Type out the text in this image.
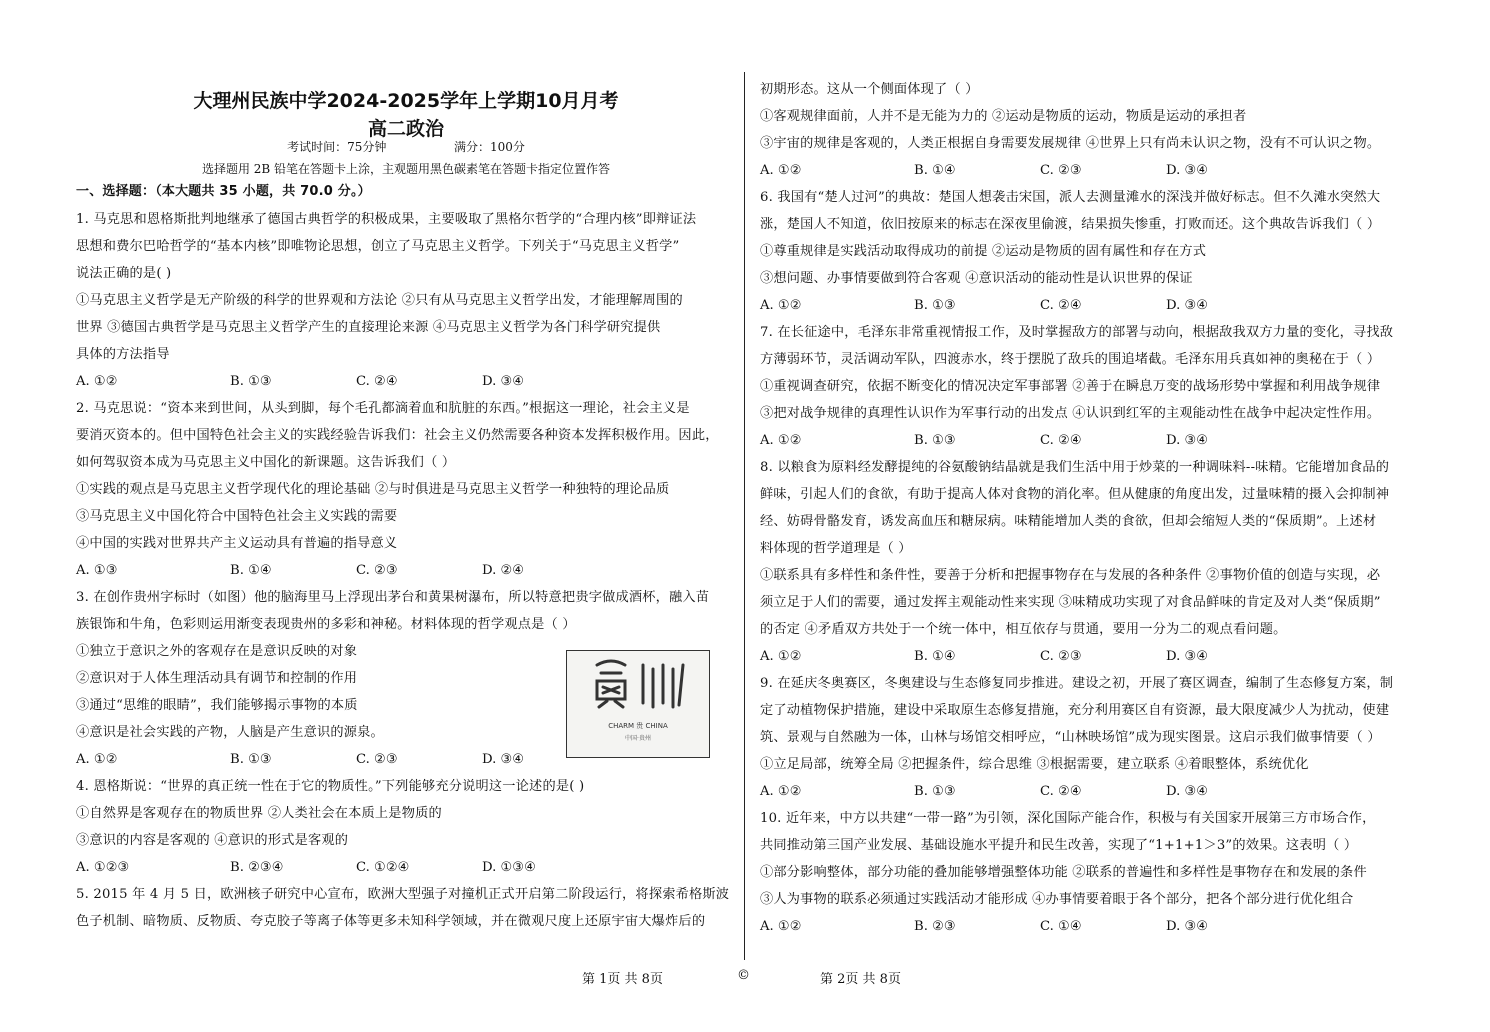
大理州民族中学2024-2025学年上学期10月月考
高二政治
考试时间：75分钟	满分：100分
选择题用 2B 铅笔在答题卡上涂，主观题用黑色碳素笔在答题卡指定位置作答
一、选择题：（本大题共 35 小题，共 70.0 分。）
1. 马克思和恩格斯批判地继承了德国古典哲学的积极成果，主要吸取了黑格尔哲学的“合理内核”即辩证法
思想和费尔巴哈哲学的“基本内核”即唯物论思想，创立了马克思主义哲学。下列关于“马克思主义哲学”
说法正确的是( )
①马克思主义哲学是无产阶级的科学的世界观和方法论 ②只有从马克思主义哲学出发，才能理解周围的
世界 ③德国古典哲学是马克思主义哲学产生的直接理论来源 ④马克思主义哲学为各门科学研究提供
具体的方法指导
A. ①②	B. ①③	C. ②④	D. ③④
2. 马克思说：“资本来到世间，从头到脚，每个毛孔都滴着血和肮脏的东西。”根据这一理论，社会主义是
要消灭资本的。但中国特色社会主义的实践经验告诉我们：社会主义仍然需要各种资本发挥积极作用。因此，
如何驾驭资本成为马克思主义中国化的新课题。这告诉我们（ ）
①实践的观点是马克思主义哲学现代化的理论基础 ②与时俱进是马克思主义哲学一种独特的理论品质
③马克思主义中国化符合中国特色社会主义实践的需要
④中国的实践对世界共产主义运动具有普遍的指导意义
A. ①③	B. ①④	C. ②③	D. ②④
3. 在创作贵州字标时（如图）他的脑海里马上浮现出茅台和黄果树瀑布，所以特意把贵字做成酒杯，融入苗
族银饰和牛角，色彩则运用渐变表现贵州的多彩和神秘。材料体现的哲学观点是（ ）
①独立于意识之外的客观存在是意识反映的对象
②意识对于人体生理活动具有调节和控制的作用
③通过“思维的眼睛”，我们能够揭示事物的本质
④意识是社会实践的产物，人脑是产生意识的源泉。
A. ①②	B. ①③	C. ②③	D. ③④
4. 恩格斯说：“世界的真正统一性在于它的物质性。”下列能够充分说明这一论述的是( )
①自然界是客观存在的物质世界 ②人类社会在本质上是物质的
③意识的内容是客观的 ④意识的形式是客观的
A. ①②③	B. ②③④	C. ①②④	D. ①③④
5. 2015 年 4 月 5 日，欧洲核子研究中心宣布，欧洲大型强子对撞机正式开启第二阶段运行，将探索希格斯波
色子机制、暗物质、反物质、夸克胶子等离子体等更多未知科学领域，并在微观尺度上还原宇宙大爆炸后的
CHARM 贵 CHINA
中国·贵州
初期形态。这从一个侧面体现了（ ）
①客观规律面前，人并不是无能为力的 ②运动是物质的运动，物质是运动的承担者
③宇宙的规律是客观的，人类正根据自身需要发展规律 ④世界上只有尚未认识之物，没有不可认识之物。
A. ①②	B. ①④	C. ②③	D. ③④
6. 我国有“楚人过河”的典故：楚国人想袭击宋国，派人去测量滩水的深浅并做好标志。但不久滩水突然大
涨，楚国人不知道，依旧按原来的标志在深夜里偷渡，结果损失惨重，打败而还。这个典故告诉我们（ ）
①尊重规律是实践活动取得成功的前提 ②运动是物质的固有属性和存在方式
③想问题、办事情要做到符合客观 ④意识活动的能动性是认识世界的保证
A. ①②	B. ①③	C. ②④	D. ③④
7. 在长征途中，毛泽东非常重视情报工作，及时掌握敌方的部署与动向，根据敌我双方力量的变化，寻找敌
方薄弱环节，灵活调动军队，四渡赤水，终于摆脱了敌兵的围追堵截。毛泽东用兵真如神的奥秘在于（ ）
①重视调查研究，依据不断变化的情况决定军事部署 ②善于在瞬息万变的战场形势中掌握和利用战争规律
③把对战争规律的真理性认识作为军事行动的出发点 ④认识到红军的主观能动性在战争中起决定性作用。
A. ①②	B. ①③	C. ②④	D. ③④
8. 以粮食为原料经发酵提纯的谷氨酸钠结晶就是我们生活中用于炒菜的一种调味料--味精。它能增加食品的
鲜味，引起人们的食欲，有助于提高人体对食物的消化率。但从健康的角度出发，过量味精的摄入会抑制神
经、妨碍骨骼发育，诱发高血压和糖尿病。味精能增加人类的食欲，但却会缩短人类的“保质期”。上述材
料体现的哲学道理是（ ）
①联系具有多样性和条件性，要善于分析和把握事物存在与发展的各种条件 ②事物价值的创造与实现，必
须立足于人们的需要，通过发挥主观能动性来实现 ③味精成功实现了对食品鲜味的肯定及对人类“保质期”
的否定 ④矛盾双方共处于一个统一体中，相互依存与贯通，要用一分为二的观点看问题。
A. ①②	B. ①④	C. ②③	D. ③④
9. 在延庆冬奥赛区，冬奥建设与生态修复同步推进。建设之初，开展了赛区调查，编制了生态修复方案，制
定了动植物保护措施，建设中采取原生态修复措施，充分利用赛区自有资源，最大限度减少人为扰动，使建
筑、景观与自然融为一体，山林与场馆交相呼应，“山林映场馆”成为现实图景。这启示我们做事情要（ ）
①立足局部，统筹全局 ②把握条件，综合思维 ③根据需要，建立联系 ④着眼整体，系统优化
A. ①②	B. ①③	C. ②④	D. ③④
10. 近年来，中方以共建“一带一路”为引领，深化国际产能合作，积极与有关国家开展第三方市场合作，
共同推动第三国产业发展、基础设施水平提升和民生改善，实现了“1+1+1＞3”的效果。这表明（ ）
①部分影响整体，部分功能的叠加能够增强整体功能 ②联系的普遍性和多样性是事物存在和发展的条件
③人为事物的联系必须通过实践活动才能形成 ④办事情要着眼于各个部分，把各个部分进行优化组合
A. ①②	B. ②③	C. ①④	D. ③④
第 1页 共 8页	©	第 2页 共 8页
